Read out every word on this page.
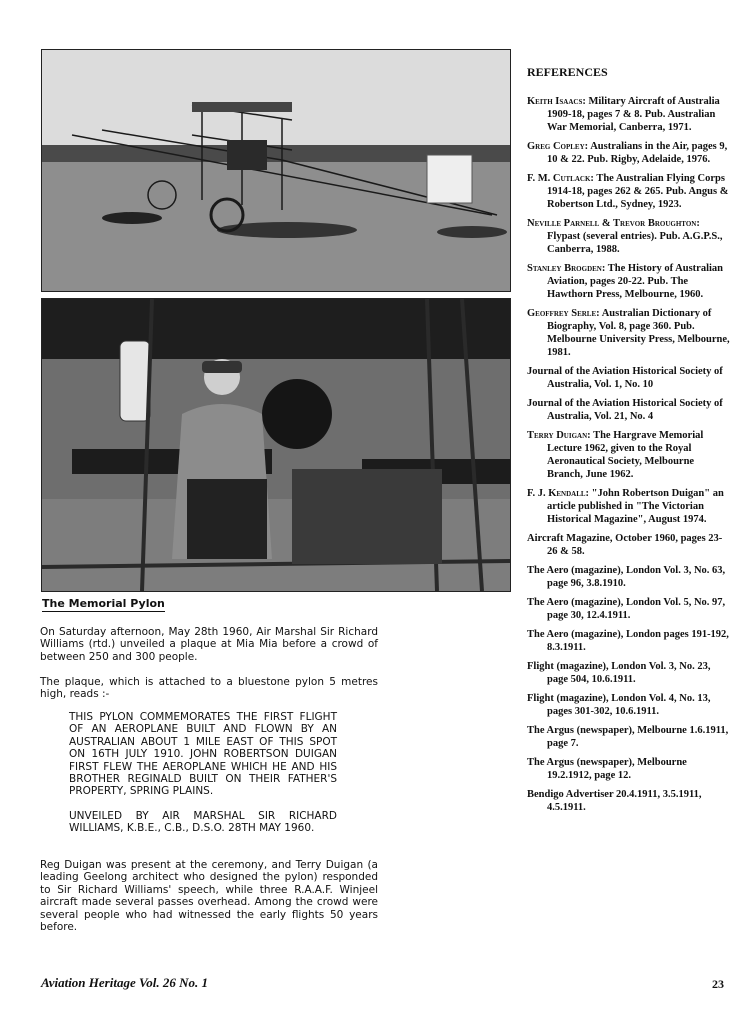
The Memorial Pylon

On Saturday afternoon, May 28th 1960, Air Marshal Sir Richard Williams (rtd.) unveiled a plaque at Mia Mia before a crowd of between 250 and 300 people.

The plaque, which is attached to a bluestone pylon 5 metres high, reads :-

THIS PYLON COMMEMORATES THE FIRST FLIGHT OF AN AEROPLANE BUILT AND FLOWN BY AN AUSTRALIAN ABOUT 1 MILE EAST OF THIS SPOT ON 16TH JULY 1910. JOHN ROBERTSON DUIGAN FIRST FLEW THE AEROPLANE WHICH HE AND HIS BROTHER REGINALD BUILT ON THEIR FATHER'S PROPERTY, SPRING PLAINS.

UNVEILED BY AIR MARSHAL SIR RICHARD WILLIAMS, K.B.E., C.B., D.S.O. 28TH MAY 1960.

Reg Duigan was present at the ceremony, and Terry Duigan (a leading Geelong architect who designed the pylon) responded to Sir Richard Williams' speech, while three R.A.A.F. Winjeel aircraft made several passes overhead. Among the crowd were several people who had witnessed the early flights 50 years before.

REFERENCES

Keith Isaacs: Military Aircraft of Australia 1909-18, pages 7 & 8. Pub. Australian War Memorial, Canberra, 1971.

Greg Copley: Australians in the Air, pages 9, 10 & 22. Pub. Rigby, Adelaide, 1976.

F. M. Cutlack: The Australian Flying Corps 1914-18, pages 262 & 265. Pub. Angus & Robertson Ltd., Sydney, 1923.

Neville Parnell & Trevor Broughton: Flypast (several entries). Pub. A.G.P.S., Canberra, 1988.

Stanley Brogden: The History of Australian Aviation, pages 20-22. Pub. The Hawthorn Press, Melbourne, 1960.

Geoffrey Serle: Australian Dictionary of Biography, Vol. 8, page 360. Pub. Melbourne University Press, Melbourne, 1981.

Journal of the Aviation Historical Society of Australia, Vol. 1, No. 10

Journal of the Aviation Historical Society of Australia, Vol. 21, No. 4

Terry Duigan: The Hargrave Memorial Lecture 1962, given to the Royal Aeronautical Society, Melbourne Branch, June 1962.

F. J. Kendall: "John Robertson Duigan" an article published in "The Victorian Historical Magazine", August 1974.

Aircraft Magazine, October 1960, pages 23-26 & 58.

The Aero (magazine), London Vol. 3, No. 63, page 96, 3.8.1910.

The Aero (magazine), London Vol. 5, No. 97, page 30, 12.4.1911.

The Aero (magazine), London pages 191-192, 8.3.1911.

Flight (magazine), London Vol. 3, No. 23, page 504, 10.6.1911.

Flight (magazine), London Vol. 4, No. 13, pages 301-302, 10.6.1911.

The Argus (newspaper), Melbourne 1.6.1911, page 7.

The Argus (newspaper), Melbourne 19.2.1912, page 12.

Bendigo Advertiser 20.4.1911, 3.5.1911, 4.5.1911.

Aviation Heritage Vol. 26 No. 1	23
